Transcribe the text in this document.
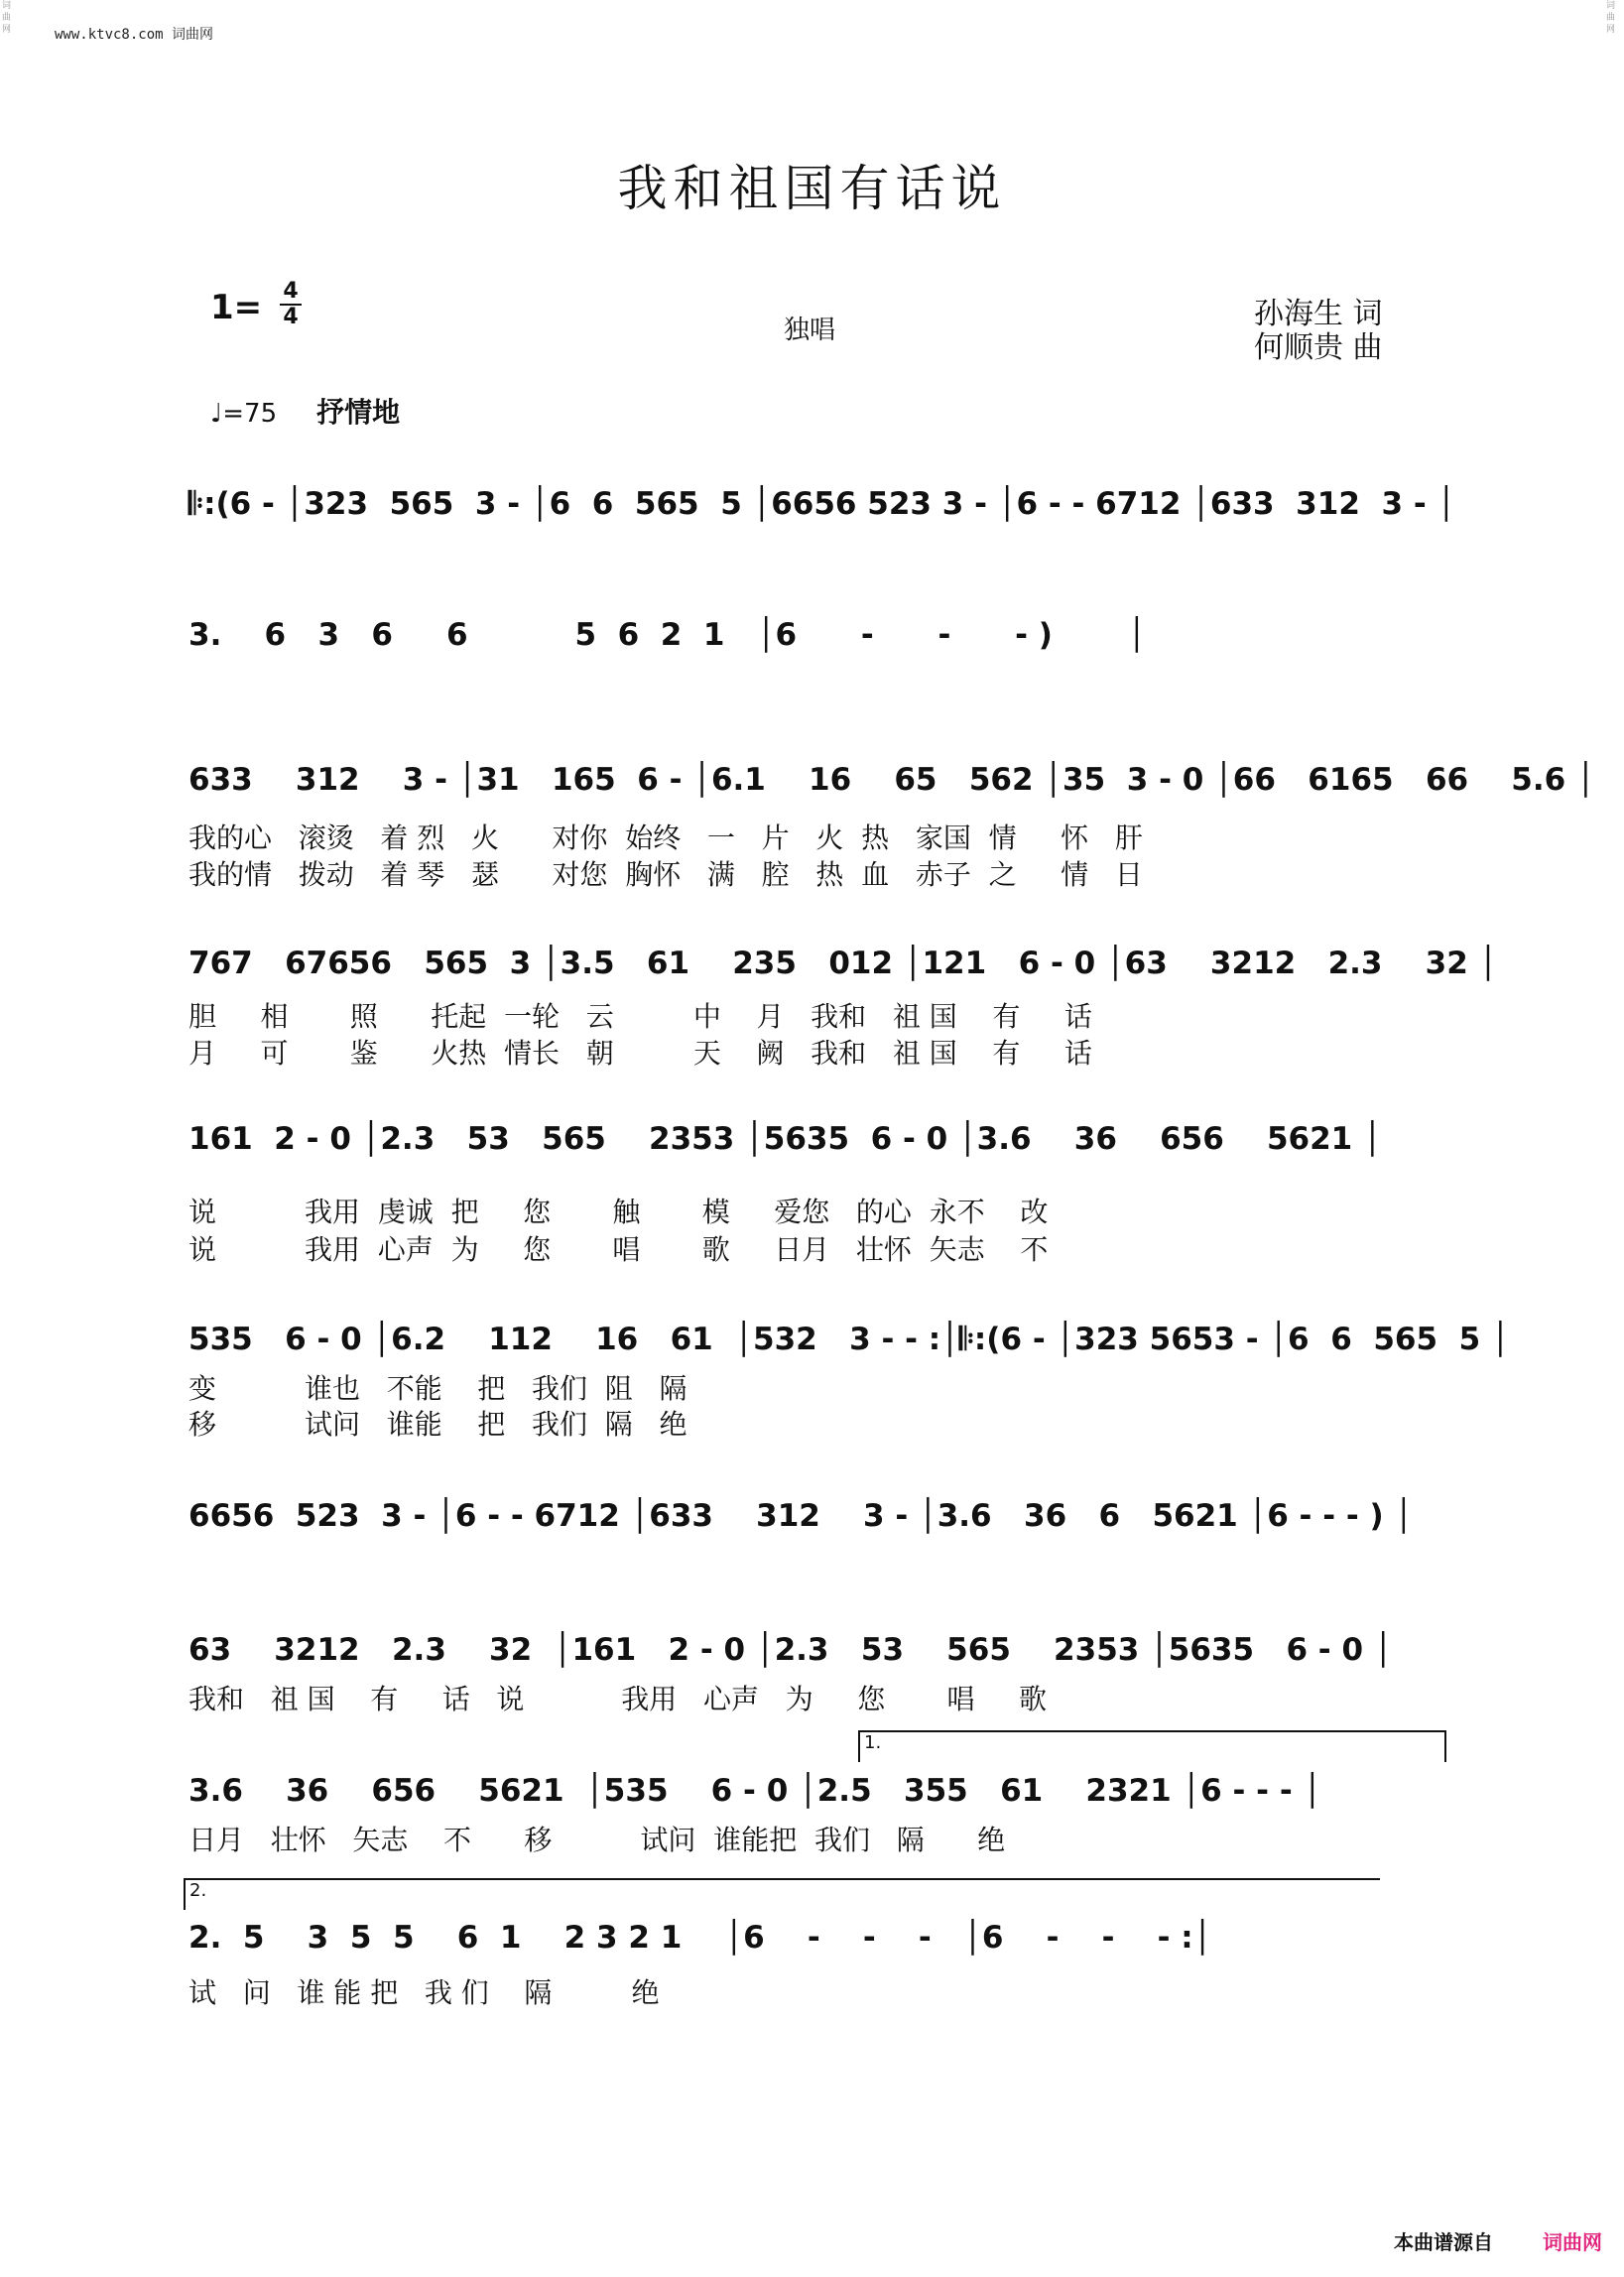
www.ktvc8.com 词曲网
我和祖国有话说
1= 4
4	独唱	孙海生 词
何顺贵 曲
♩=75 抒情地
𝄆:(6 - │323  565  3 - │6  6  565  5 │6656 523 3 - │6 - - 6712 │633  312  3 - │
3.    6   3   6     6          5  6  2  1   │6      -      -      - )       │
633    312    3 - │31   165  6 - │6.1    16    65   562 │35  3 - 0 │66   6165   66    5.6 │
我的心   滚烫   着 烈   火      对你  始终   一   片   火  热   家国  情     怀   肝
我的情   拨动   着 琴   瑟      对您  胸怀   满   腔   热  血   赤子  之     情   日
767   67656   565  3 │3.5   61    235   012 │121   6 - 0 │63    3212   2.3    32 │
胆     相       照      托起  一轮   云         中    月   我和   祖 国    有     话
月     可       鉴      火热  情长   朝         天    阙   我和   祖 国    有     话
161  2 - 0 │2.3   53   565    2353 │5635  6 - 0 │3.6    36    656    5621 │
说          我用  虔诚  把     您       触       模     爱您   的心  永不    改
说          我用  心声  为     您       唱       歌     日月   壮怀  矢志    不
535   6 - 0 │6.2    112    16   61  │532   3 - - :│𝄆:(6 - │323 5653 - │6  6  565  5 │
变          谁也   不能    把   我们  阻   隔
移          试问   谁能    把   我们  隔   绝
6656  523  3 - │6 - - 6712 │633    312    3 - │3.6   36   6   5621 │6 - - - ) │
63    3212   2.3    32  │161   2 - 0 │2.3   53    565    2353 │5635   6 - 0 │
我和   祖 国    有     话   说           我用   心声   为     您       唱     歌
1.
3.6    36    656    5621  │535    6 - 0 │2.5   355   61    2321 │6 - - - │
日月   壮怀   矢志    不      移          试问  谁能把  我们   隔      绝
2.
2.  5    3  5  5    6  1    2 3 2 1    │6    -    -    -   │6    -    -    - :│
试   问   谁 能 把   我 们    隔         绝
本曲谱源自	词曲网
词曲网
词曲网
